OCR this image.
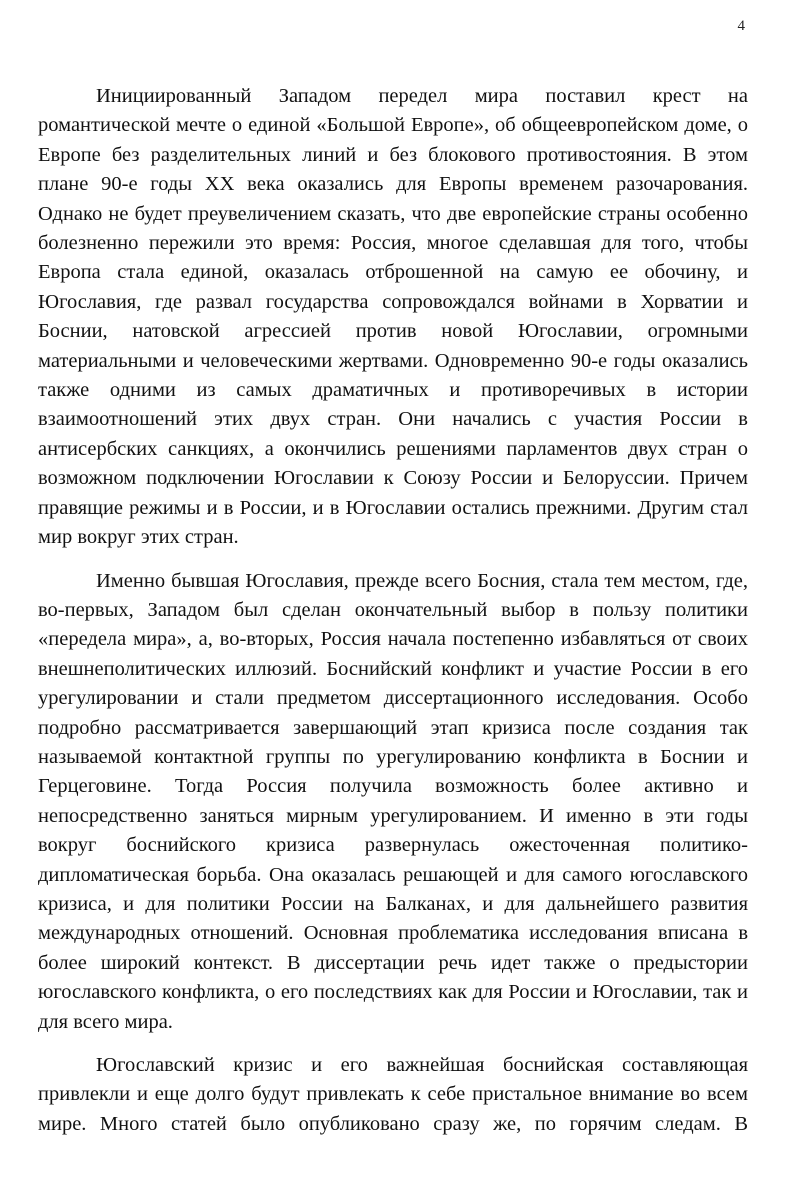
4

Инициированный Западом передел мира поставил крест на романтической мечте о единой «Большой Европе», об общеевропейском доме, о Европе без разделительных линий и без блокового противостояния. В этом плане 90-е годы XX века оказались для Европы временем разочарования. Однако не будет преувеличением сказать, что две европейские страны особенно болезненно пережили это время: Россия, многое сделавшая для того, чтобы Европа стала единой, оказалась отброшенной на самую ее обочину, и Югославия, где развал государства сопровождался войнами в Хорватии и Боснии, натовской агрессией против новой Югославии, огромными материальными и человеческими жертвами. Одновременно 90-е годы оказались также одними из самых драматичных и противоречивых в истории взаимоотношений этих двух стран. Они начались с участия России в антисербских санкциях, а окончились решениями парламентов двух стран о возможном подключении Югославии к Союзу России и Белоруссии. Причем правящие режимы и в России, и в Югославии остались прежними. Другим стал мир вокруг этих стран.

Именно бывшая Югославия, прежде всего Босния, стала тем местом, где, во-первых, Западом был сделан окончательный выбор в пользу политики «передела мира», а, во-вторых, Россия начала постепенно избавляться от своих внешнеполитических иллюзий. Боснийский конфликт и участие России в его урегулировании и стали предметом диссертационного исследования. Особо подробно рассматривается завершающий этап кризиса после создания так называемой контактной группы по урегулированию конфликта в Боснии и Герцеговине. Тогда Россия получила возможность более активно и непосредственно заняться мирным урегулированием. И именно в эти годы вокруг боснийского кризиса развернулась ожесточенная политико-дипломатическая борьба. Она оказалась решающей и для самого югославского кризиса, и для политики России на Балканах, и для дальнейшего развития международных отношений. Основная проблематика исследования вписана в более широкий контекст. В диссертации речь идет также о предыстории югославского конфликта, о его последствиях как для России и Югославии, так и для всего мира.

Югославский кризис и его важнейшая боснийская составляющая привлекли и еще долго будут привлекать к себе пристальное внимание во всем мире. Много статей было опубликовано сразу же, по горячим следам. В
